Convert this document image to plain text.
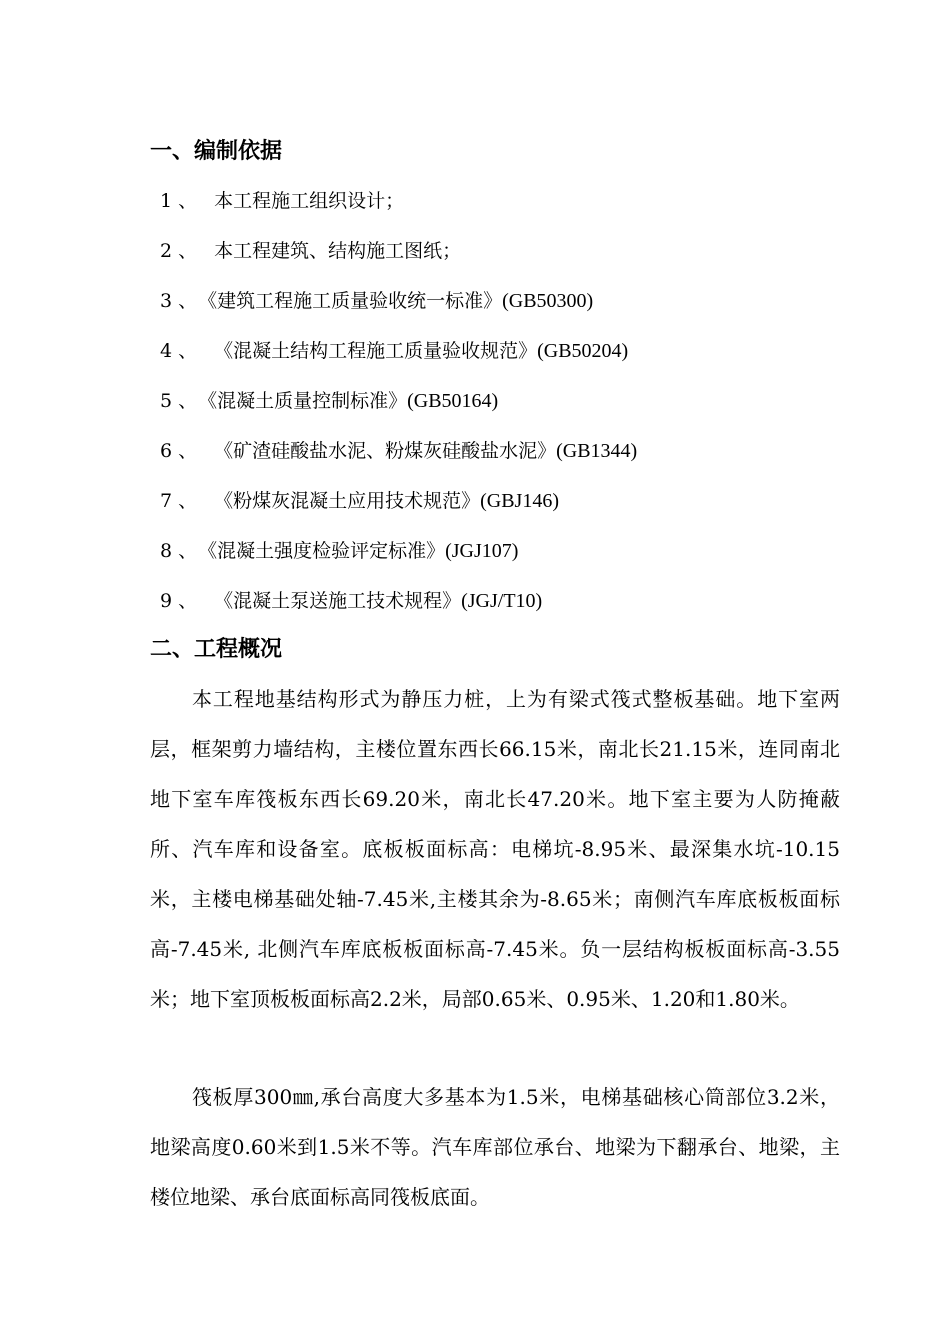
一、编制依据
1 、 本工程施工组织设计；
2 、 本工程建筑、结构施工图纸；
3 、《建筑工程施工质量验收统一标准》(GB50300)
4 、 《混凝土结构工程施工质量验收规范》(GB50204)
5 、《混凝土质量控制标准》(GB50164)
6 、 《矿渣硅酸盐水泥、粉煤灰硅酸盐水泥》(GB1344)
7 、 《粉煤灰混凝土应用技术规范》(GBJ146)
8 、《混凝土强度检验评定标准》(JGJ107)
9 、 《混凝土泵送施工技术规程》(JGJ/T10)
二、工程概况

本工程地基结构形式为静压力桩，上为有梁式筏式整板基础。地下室两层，框架剪力墙结构，主楼位置东西长66.15米，南北长21.15米，连同南北地下室车库筏板东西长69.20米，南北长47.20米。地下室主要为人防掩蔽所、汽车库和设备室。底板板面标高：电梯坑-8.95米、最深集水坑-10.15米，主楼电梯基础处轴-7.45米,主楼其余为-8.65米；南侧汽车库底板板面标高-7.45米, 北侧汽车库底板板面标高-7.45米。负一层结构板板面标高-3.55米；地下室顶板板面标高2.2米，局部0.65米、0.95米、1.20和1.80米。

筏板厚300㎜,承台高度大多基本为1.5米，电梯基础核心筒部位3.2米，地梁高度0.60米到1.5米不等。汽车库部位承台、地梁为下翻承台、地梁，主楼位地梁、承台底面标高同筏板底面。
